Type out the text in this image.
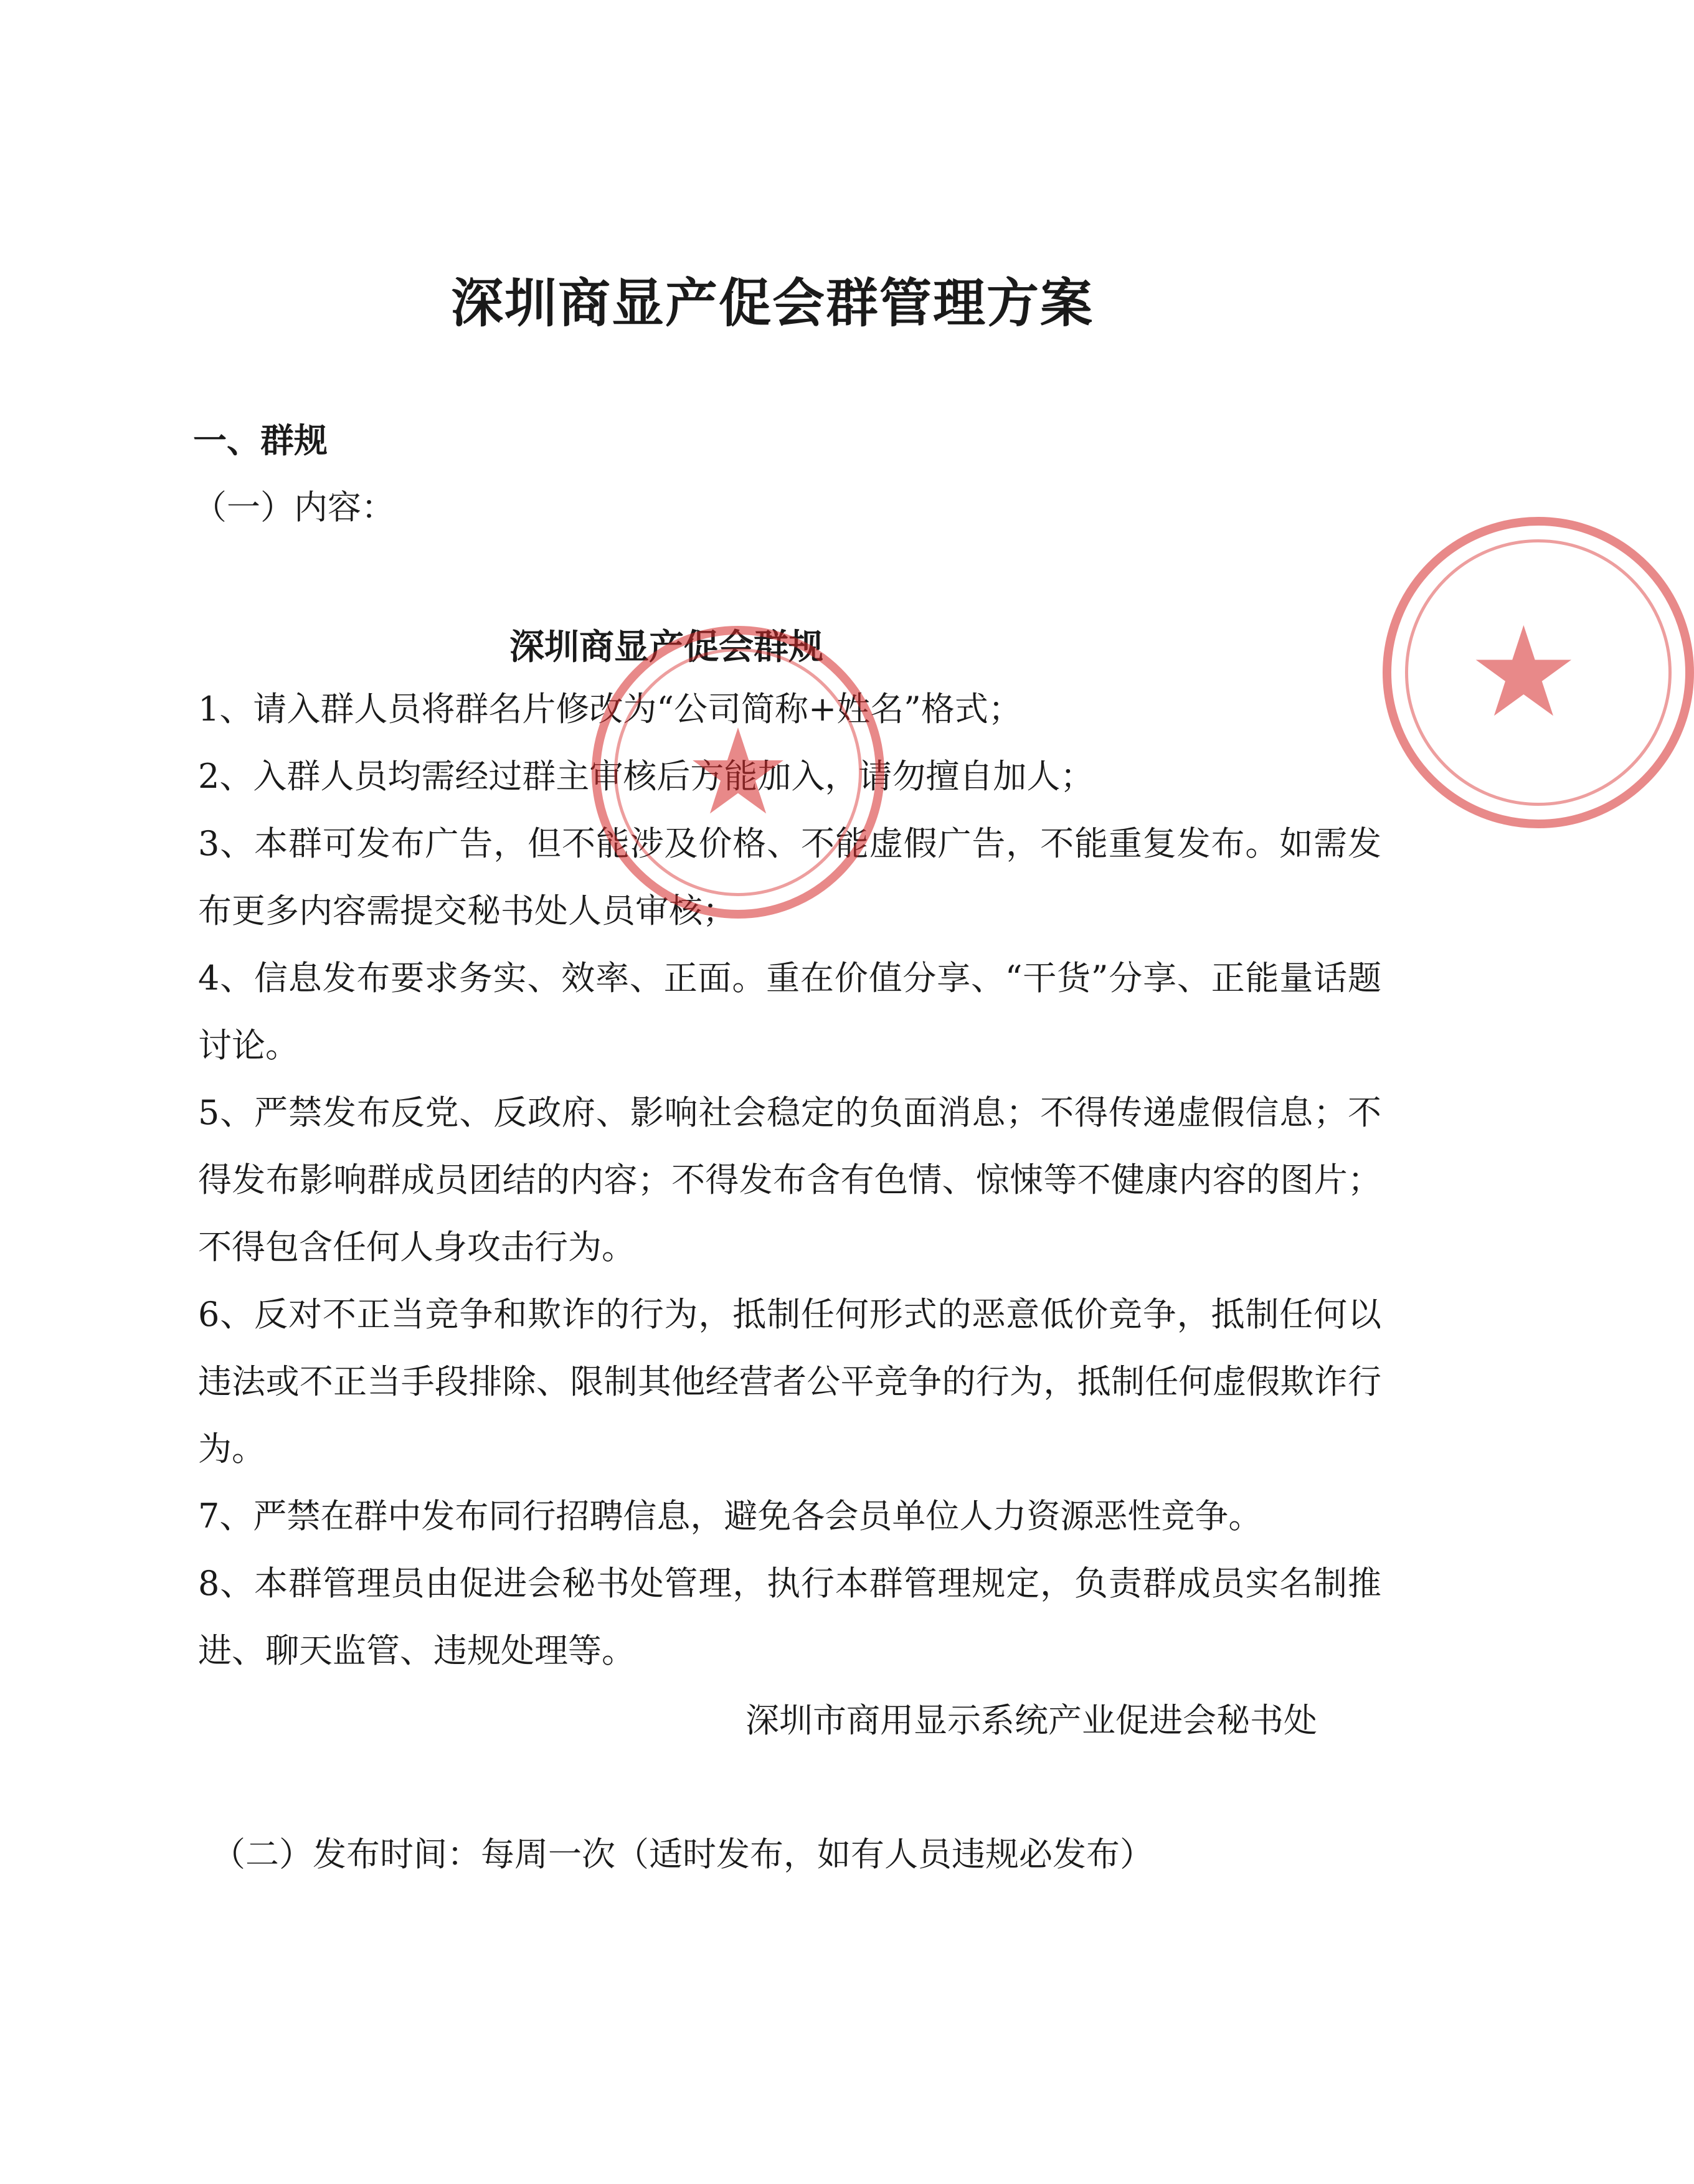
深圳商显产促会群管理方案

一、群规

（一）内容：

深圳商显产促会群规

1、请入群人员将群名片修改为“公司简称+姓名”格式；
2、入群人员均需经过群主审核后方能加入，请勿擅自加人；
3、本群可发布广告，但不能涉及价格、不能虚假广告，不能重复发布。如需发布更多内容需提交秘书处人员审核；
4、信息发布要求务实、效率、正面。重在价值分享、“干货”分享、正能量话题讨论。
5、严禁发布反党、反政府、影响社会稳定的负面消息；不得传递虚假信息；不得发布影响群成员团结的内容；不得发布含有色情、惊悚等不健康内容的图片；不得包含任何人身攻击行为。
6、反对不正当竞争和欺诈的行为，抵制任何形式的恶意低价竞争，抵制任何以违法或不正当手段排除、限制其他经营者公平竞争的行为，抵制任何虚假欺诈行为。
7、严禁在群中发布同行招聘信息，避免各会员单位人力资源恶性竞争。
8、本群管理员由促进会秘书处管理，执行本群管理规定，负责群成员实名制推进、聊天监管、违规处理等。

深圳市商用显示系统产业促进会秘书处

（二）发布时间：每周一次（适时发布，如有人员违规必发布）

★
★
